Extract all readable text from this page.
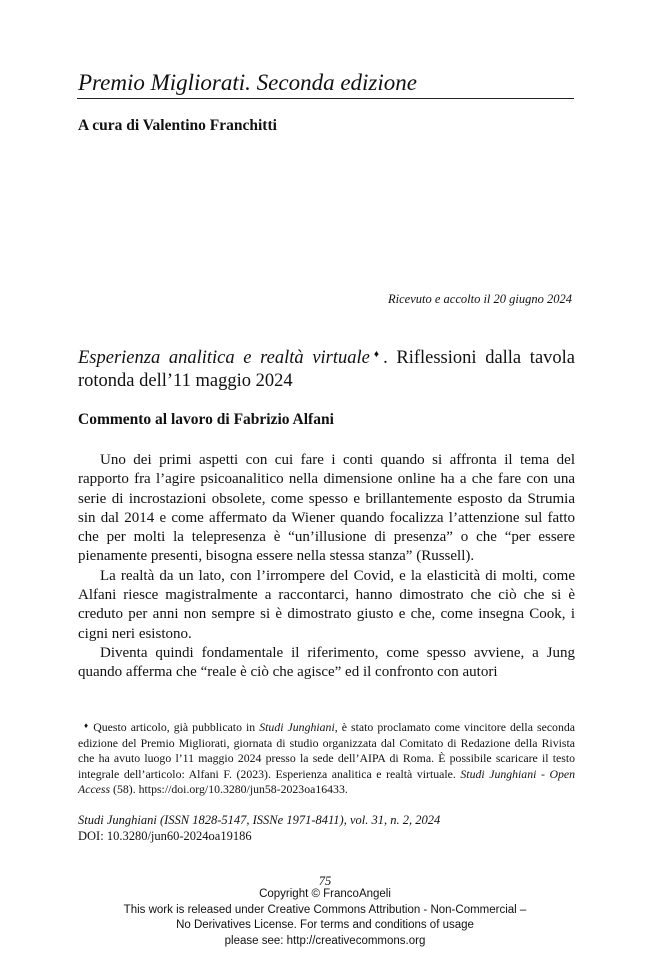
Premio Migliorati. Seconda edizione
A cura di Valentino Franchitti
Ricevuto e accolto il 20 giugno 2024
Esperienza analitica e realtà virtuale♦. Riflessioni dalla tavola rotonda dell’11 maggio 2024
Commento al lavoro di Fabrizio Alfani

Uno dei primi aspetti con cui fare i conti quando si affronta il tema del rapporto fra l’agire psicoanalitico nella dimensione online ha a che fare con una serie di incrostazioni obsolete, come spesso e brillantemente esposto da Strumia sin dal 2014 e come affermato da Wiener quando focalizza l’attenzione sul fatto che per molti la telepresenza è “un’illusione di presenza” o che “per essere pienamente presenti, bisogna essere nella stessa stanza” (Russell).

La realtà da un lato, con l’irrompere del Covid, e la elasticità di molti, come Alfani riesce magistralmente a raccontarci, hanno dimostrato che ciò che si è creduto per anni non sempre si è dimostrato giusto e che, come insegna Cook, i cigni neri esistono.

Diventa quindi fondamentale il riferimento, come spesso avviene, a Jung quando afferma che “reale è ciò che agisce” ed il confronto con autori

♦ Questo articolo, già pubblicato in Studi Junghiani, è stato proclamato come vincitore della seconda edizione del Premio Migliorati, giornata di studio organizzata dal Comitato di Redazione della Rivista che ha avuto luogo l’11 maggio 2024 presso la sede dell’AIPA di Roma. È possibile scaricare il testo integrale dell’articolo: Alfani F. (2023). Esperienza analitica e realtà virtuale. Studi Junghiani - Open Access (58). https://doi.org/10.3280/jun58-2023oa16433.
Studi Junghiani (ISSN 1828-5147, ISSNe 1971-8411), vol. 31, n. 2, 2024
DOI: 10.3280/jun60-2024oa19186
75
Copyright © FrancoAngeli
This work is released under Creative Commons Attribution - Non-Commercial –
No Derivatives License. For terms and conditions of usage
please see: http://creativecommons.org
